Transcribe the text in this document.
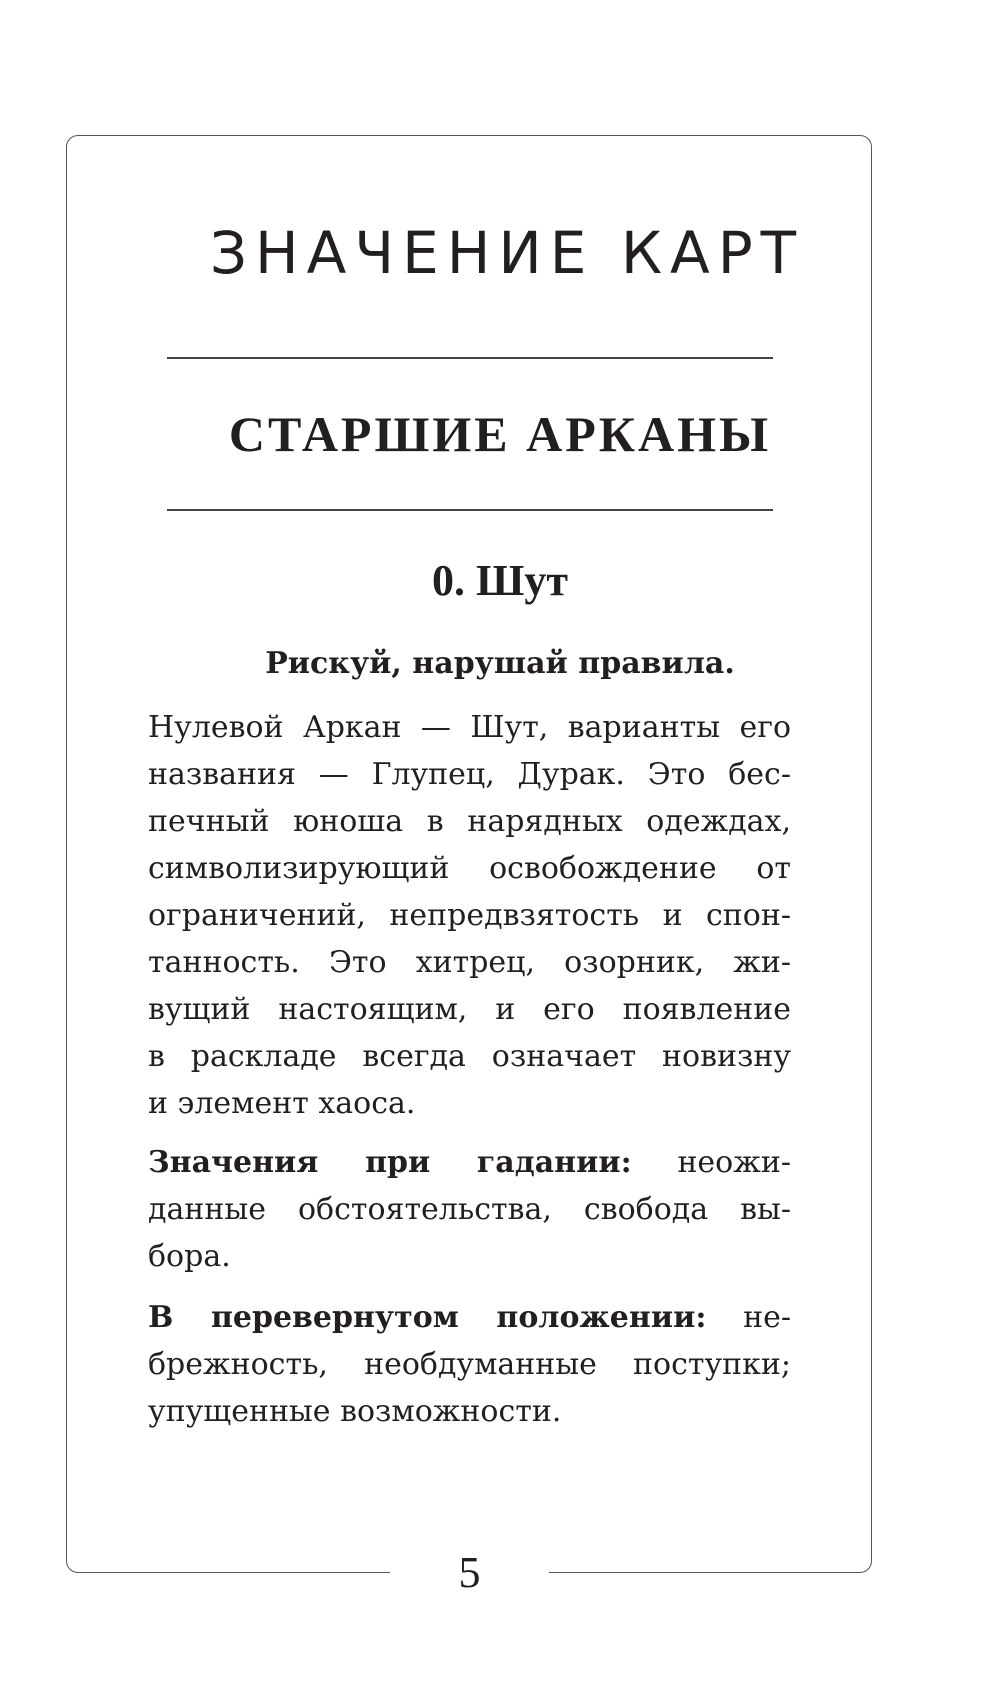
5
ЗНАЧЕНИЕ КАРТ
СТАРШИЕ АРКАНЫ
0. Шут

Рискуй, нарушай правила.

Нулевой Аркан — Шут, варианты его
названия — Глупец, Дурак. Это бес-
печный юноша в нарядных одеждах,
символизирующий освобождение от
ограничений, непредвзятость и спон-
танность. Это хитрец, озорник, жи-
вущий настоящим, и его появление
в раскладе всегда означает новизну
и элемент хаоса.
Значения при гадании: неожи-
данные обстоятельства, свобода вы-
бора.
В перевернутом положении: не-
брежность, необдуманные поступки;
упущенные возможности.
